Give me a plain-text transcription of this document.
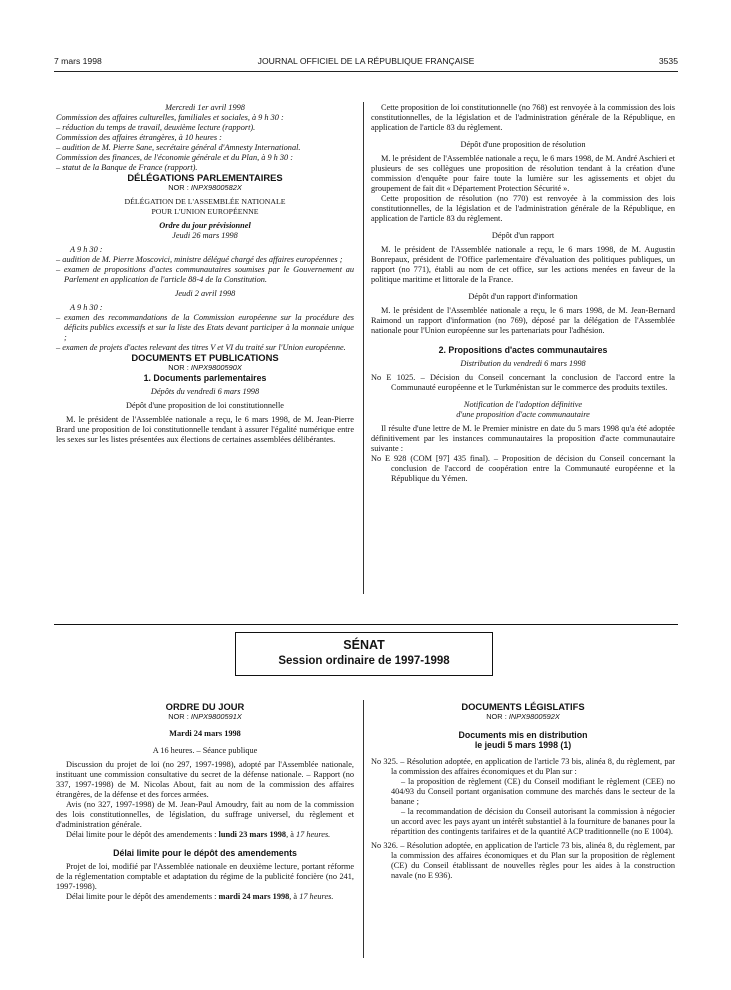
7 mars 1998	JOURNAL OFFICIEL DE LA RÉPUBLIQUE FRANÇAISE	3535

Mercredi 1er avril 1998

Commission des affaires culturelles, familiales et sociales, à 9 h 30 :

– réduction du temps de travail, deuxième lecture (rapport).

Commission des affaires étrangères, à 10 heures :

– audition de M. Pierre Sane, secrétaire général d'Amnesty International.

Commission des finances, de l'économie générale et du Plan, à 9 h 30 :

– statut de la Banque de France (rapport).

DÉLÉGATIONS PARLEMENTAIRES

NOR : INPX9800582X

DÉLÉGATION DE L'ASSEMBLÉE NATIONALE

POUR L'UNION EUROPÉENNE

Ordre du jour prévisionnel

Jeudi 26 mars 1998

A 9 h 30 :

– audition de M. Pierre Moscovici, ministre délégué chargé des affaires européennes ;

– examen de propositions d'actes communautaires soumises par le Gouvernement au Parlement en application de l'article 88-4 de la Constitution.

Jeudi 2 avril 1998

A 9 h 30 :

– examen des recommandations de la Commission européenne sur la procédure des déficits publics excessifs et sur la liste des Etats devant participer à la monnaie unique ;

– examen de projets d'actes relevant des titres V et VI du traité sur l'Union européenne.

DOCUMENTS ET PUBLICATIONS

NOR : INPX9800590X

1. Documents parlementaires

Dépôts du vendredi 6 mars 1998

Dépôt d'une proposition de loi constitutionnelle

M. le président de l'Assemblée nationale a reçu, le 6 mars 1998, de M. Jean-Pierre Brard une proposition de loi constitutionnelle tendant à assurer l'égalité numérique entre les sexes sur les listes présentées aux élections de certaines assemblées délibérantes.

Cette proposition de loi constitutionnelle (no 768) est renvoyée à la commission des lois constitutionnelles, de la législation et de l'administration générale de la République, en application de l'article 83 du règlement.

Dépôt d'une proposition de résolution

M. le président de l'Assemblée nationale a reçu, le 6 mars 1998, de M. André Aschieri et plusieurs de ses collègues une proposition de résolution tendant à la création d'une commission d'enquête pour faire toute la lumière sur les agissements et objet du groupement de fait dit « Département Protection Sécurité ».

Cette proposition de résolution (no 770) est renvoyée à la commission des lois constitutionnelles, de la législation et de l'administration générale de la République, en application de l'article 83 du règlement.

Dépôt d'un rapport

M. le président de l'Assemblée nationale a reçu, le 6 mars 1998, de M. Augustin Bonrepaux, président de l'Office parlementaire d'évaluation des politiques publiques, un rapport (no 771), établi au nom de cet office, sur les actions menées en faveur de la politique maritime et littorale de la France.

Dépôt d'un rapport d'information

M. le président de l'Assemblée nationale a reçu, le 6 mars 1998, de M. Jean-Bernard Raimond un rapport d'information (no 769), déposé par la délégation de l'Assemblée nationale pour l'Union européenne sur les partenariats pour l'adhésion.

2. Propositions d'actes communautaires

Distribution du vendredi 6 mars 1998

No E 1025. – Décision du Conseil concernant la conclusion de l'accord entre la Communauté européenne et le Turkménistan sur le commerce des produits textiles.

Notification de l'adoption définitive

d'une proposition d'acte communautaire

Il résulte d'une lettre de M. le Premier ministre en date du 5 mars 1998 qu'a été adoptée définitivement par les instances communautaires la proposition d'acte communautaire suivante :

No E 928 (COM [97] 435 final). – Proposition de décision du Conseil concernant la conclusion de l'accord de coopération entre la Communauté européenne et la République du Yémen.

SÉNAT
Session ordinaire de 1997-1998

ORDRE DU JOUR

NOR : INPX9800591X

Mardi 24 mars 1998

A 16 heures. – Séance publique

Discussion du projet de loi (no 297, 1997-1998), adopté par l'Assemblée nationale, instituant une commission consultative du secret de la défense nationale. – Rapport (no 337, 1997-1998) de M. Nicolas About, fait au nom de la commission des affaires étrangères, de la défense et des forces armées.

Avis (no 327, 1997-1998) de M. Jean-Paul Amoudry, fait au nom de la commission des lois constitutionnelles, de législation, du suffrage universel, du règlement et d'administration générale.

Délai limite pour le dépôt des amendements : lundi 23 mars 1998, à 17 heures.

Délai limite pour le dépôt des amendements

Projet de loi, modifié par l'Assemblée nationale en deuxième lecture, portant réforme de la réglementation comptable et adaptation du régime de la publicité foncière (no 241, 1997-1998).

Délai limite pour le dépôt des amendements : mardi 24 mars 1998, à 17 heures.

DOCUMENTS LÉGISLATIFS

NOR : INPX9800592X

Documents mis en distribution

le jeudi 5 mars 1998 (1)

No 325. – Résolution adoptée, en application de l'article 73 bis, alinéa 8, du règlement, par la commission des affaires économiques et du Plan sur :

– la proposition de règlement (CE) du Conseil modifiant le règlement (CEE) no 404/93 du Conseil portant organisation commune des marchés dans le secteur de la banane ;

– la recommandation de décision du Conseil autorisant la commission à négocier un accord avec les pays ayant un intérêt substantiel à la fourniture de bananes pour la répartition des contingents tarifaires et de la quantité ACP traditionnelle (no E 1004).

No 326. – Résolution adoptée, en application de l'article 73 bis, alinéa 8, du règlement, par la commission des affaires économiques et du Plan sur la proposition de règlement (CE) du Conseil établissant de nouvelles règles pour les aides à la construction navale (no E 936).
